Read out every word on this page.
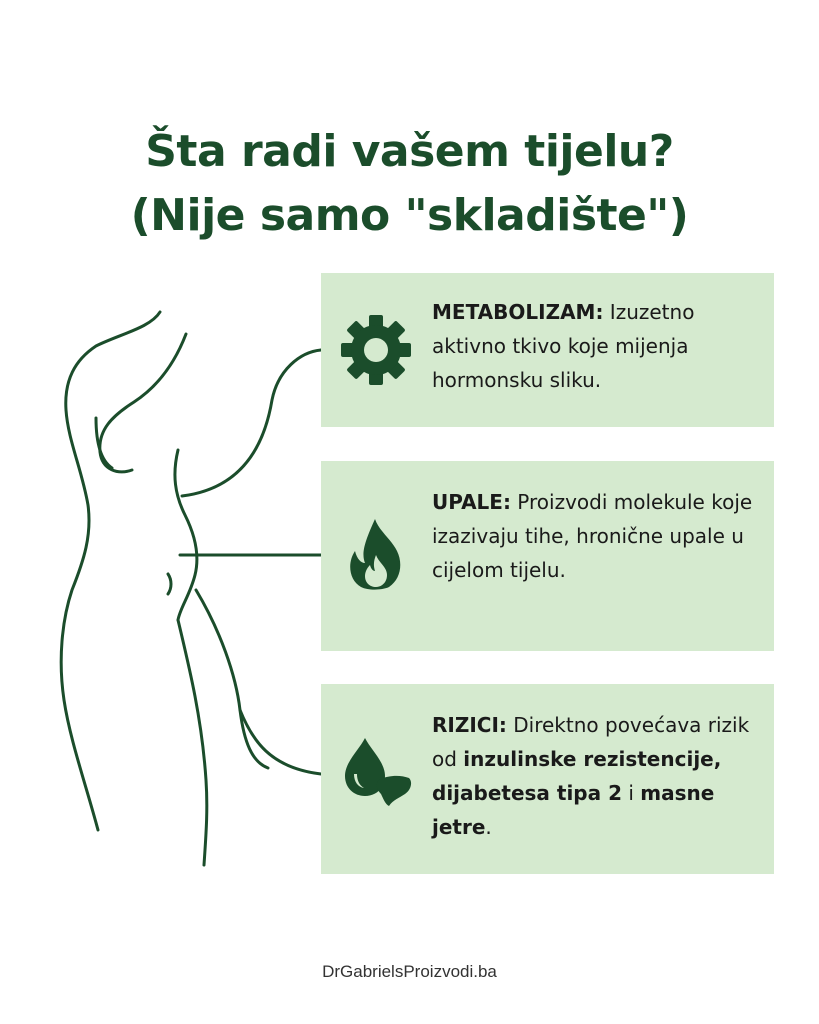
Šta radi vašem tijelu?
(Nije samo "skladište")

METABOLIZAM: Izuzetno aktivno tkivo koje mijenja hormonsku sliku.

UPALE: Proizvodi molekule koje izazivaju tihe, hronične upale u cijelom tijelu.

RIZICI: Direktno povećava rizik od inzulinske rezistencije, dijabetesa tipa 2 i masne jetre.

DrGabrielsProizvodi.ba
